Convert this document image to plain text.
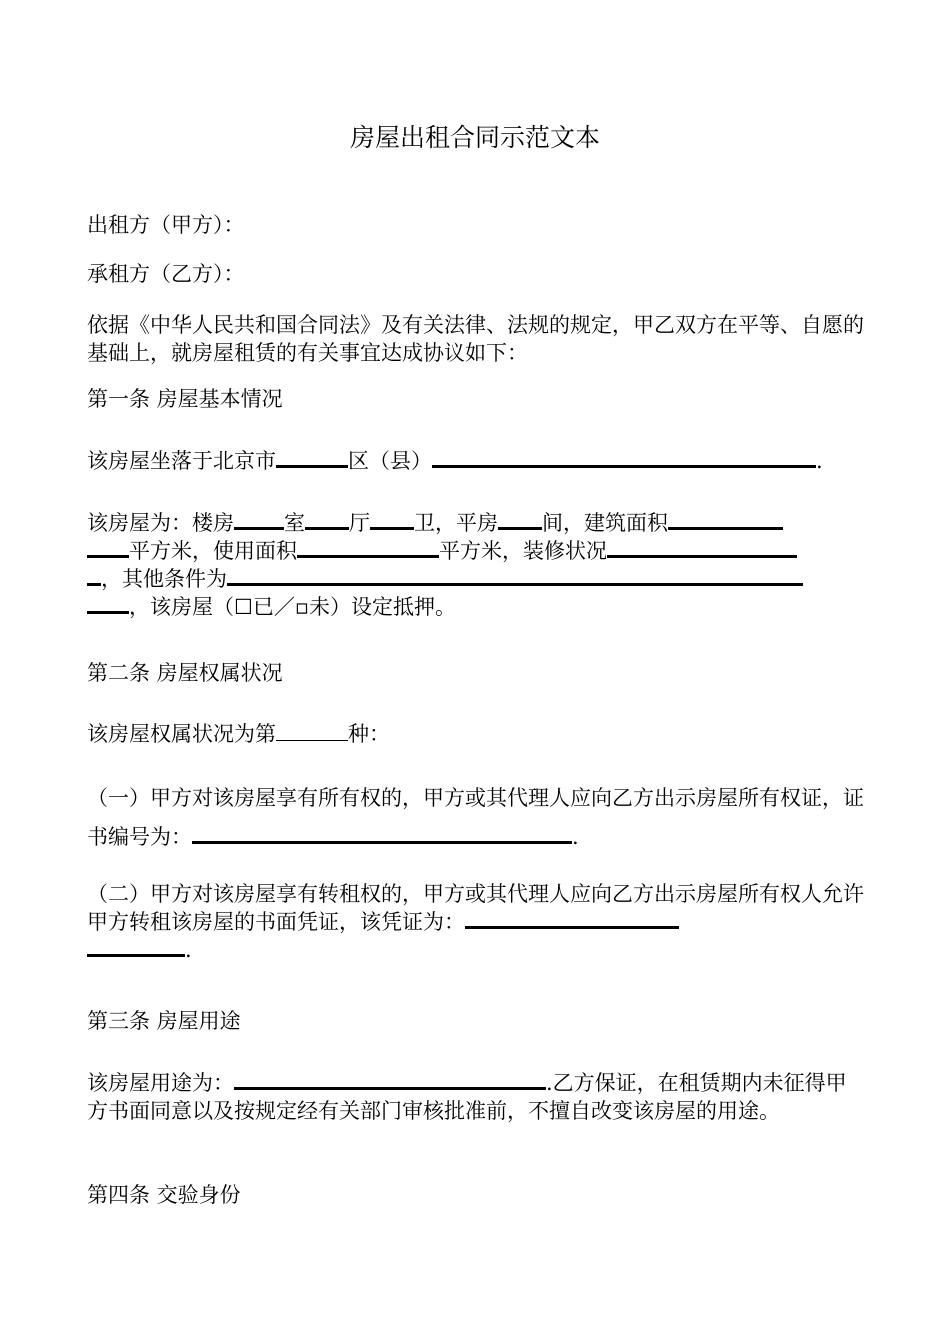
房屋出租合同示范文本
出租方（甲方）：
承租方（乙方）：
依据《中华人民共和国合同法》及有关法律、法规的规定，甲乙双方在平等、自愿的基础上，就房屋租赁的有关事宜达成协议如下：
第一条 房屋基本情况
该房屋坐落于北京市	区（县）	.
该房屋为：楼房 室 厅 卫，平房 间，建筑面积
平方米，使用面积	平方米，装修状况
，其他条件为
，该房屋（☐已／▫未）设定抵押。
第二条 房屋权属状况
该房屋权属状况为第	种：
（一）甲方对该房屋享有所有权的，甲方或其代理人应向乙方出示房屋所有权证，证书编号为：	.
（二）甲方对该房屋享有转租权的，甲方或其代理人应向乙方出示房屋所有权人允许甲方转租该房屋的书面凭证，该凭证为：
.
第三条 房屋用途
该房屋用途为：	.乙方保证，在租赁期内未征得甲方书面同意以及按规定经有关部门审核批准前，不擅自改变该房屋的用途。
第四条 交验身份
